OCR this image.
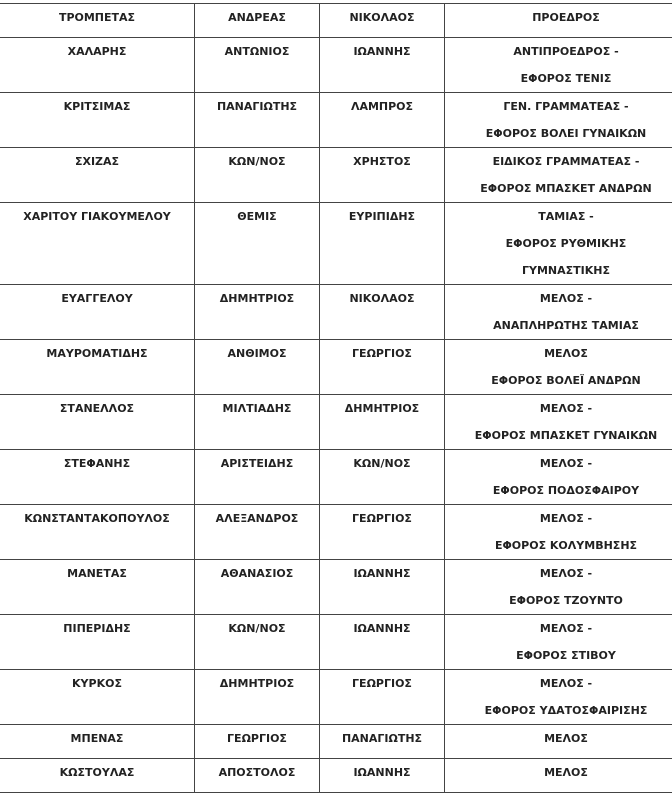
ΤΡΟΜΠΕΤΑΣ	ΑΝΔΡΕΑΣ	ΝΙΚΟΛΑΟΣ	ΠΡΟΕΔΡΟΣ

ΧΑΛΑΡΗΣ	ΑΝΤΩΝΙΟΣ	ΙΩΑΝΝΗΣ	ΑΝΤΙΠΡΟΕΔΡΟΣ -
ΕΦΟΡΟΣ ΤΕΝΙΣ

ΚΡΙΤΣΙΜΑΣ	ΠΑΝΑΓΙΩΤΗΣ	ΛΑΜΠΡΟΣ	ΓΕΝ. ΓΡΑΜΜΑΤΕΑΣ -
ΕΦΟΡΟΣ ΒΟΛΕΙ ΓΥΝΑΙΚΩΝ

ΣΧΙΖΑΣ	ΚΩΝ/ΝΟΣ	ΧΡΗΣΤΟΣ	ΕΙΔΙΚΟΣ ΓΡΑΜΜΑΤΕΑΣ -
ΕΦΟΡΟΣ ΜΠΑΣΚΕΤ ΑΝΔΡΩΝ

ΧΑΡΙΤΟΥ ΓΙΑΚΟΥΜΕΛΟΥ	ΘΕΜΙΣ	ΕΥΡΙΠΙΔΗΣ	ΤΑΜΙΑΣ -
ΕΦΟΡΟΣ ΡΥΘΜΙΚΗΣ
ΓΥΜΝΑΣΤΙΚΗΣ

ΕΥΑΓΓΕΛΟΥ	ΔΗΜΗΤΡΙΟΣ	ΝΙΚΟΛΑΟΣ	ΜΕΛΟΣ -
ΑΝΑΠΛΗΡΩΤΗΣ ΤΑΜΙΑΣ

ΜΑΥΡΟΜΑΤΙΔΗΣ	ΑΝΘΙΜΟΣ	ΓΕΩΡΓΙΟΣ	ΜΕΛΟΣ
ΕΦΟΡΟΣ ΒΟΛΕΪ ΑΝΔΡΩΝ

ΣΤΑΝΕΛΛΟΣ	ΜΙΛΤΙΑΔΗΣ	ΔΗΜΗΤΡΙΟΣ	ΜΕΛΟΣ -
ΕΦΟΡΟΣ ΜΠΑΣΚΕΤ ΓΥΝΑΙΚΩΝ

ΣΤΕΦΑΝΗΣ	ΑΡΙΣΤΕΙΔΗΣ	ΚΩΝ/ΝΟΣ	ΜΕΛΟΣ -
ΕΦΟΡΟΣ ΠΟΔΟΣΦΑΙΡΟΥ

ΚΩΝΣΤΑΝΤΑΚΟΠΟΥΛΟΣ	ΑΛΕΞΑΝΔΡΟΣ	ΓΕΩΡΓΙΟΣ	ΜΕΛΟΣ -
ΕΦΟΡΟΣ ΚΟΛΥΜΒΗΣΗΣ

ΜΑΝΕΤΑΣ	ΑΘΑΝΑΣΙΟΣ	ΙΩΑΝΝΗΣ	ΜΕΛΟΣ -
ΕΦΟΡΟΣ ΤΖΟΥΝΤΟ

ΠΙΠΕΡΙΔΗΣ	ΚΩΝ/ΝΟΣ	ΙΩΑΝΝΗΣ	ΜΕΛΟΣ -
ΕΦΟΡΟΣ ΣΤΙΒΟΥ

ΚΥΡΚΟΣ	ΔΗΜΗΤΡΙΟΣ	ΓΕΩΡΓΙΟΣ	ΜΕΛΟΣ -
ΕΦΟΡΟΣ ΥΔΑΤΟΣΦΑΙΡΙΣΗΣ

ΜΠΕΝΑΣ	ΓΕΩΡΓΙΟΣ	ΠΑΝΑΓΙΩΤΗΣ	ΜΕΛΟΣ

ΚΩΣΤΟΥΛΑΣ	ΑΠΟΣΤΟΛΟΣ	ΙΩΑΝΝΗΣ	ΜΕΛΟΣ
